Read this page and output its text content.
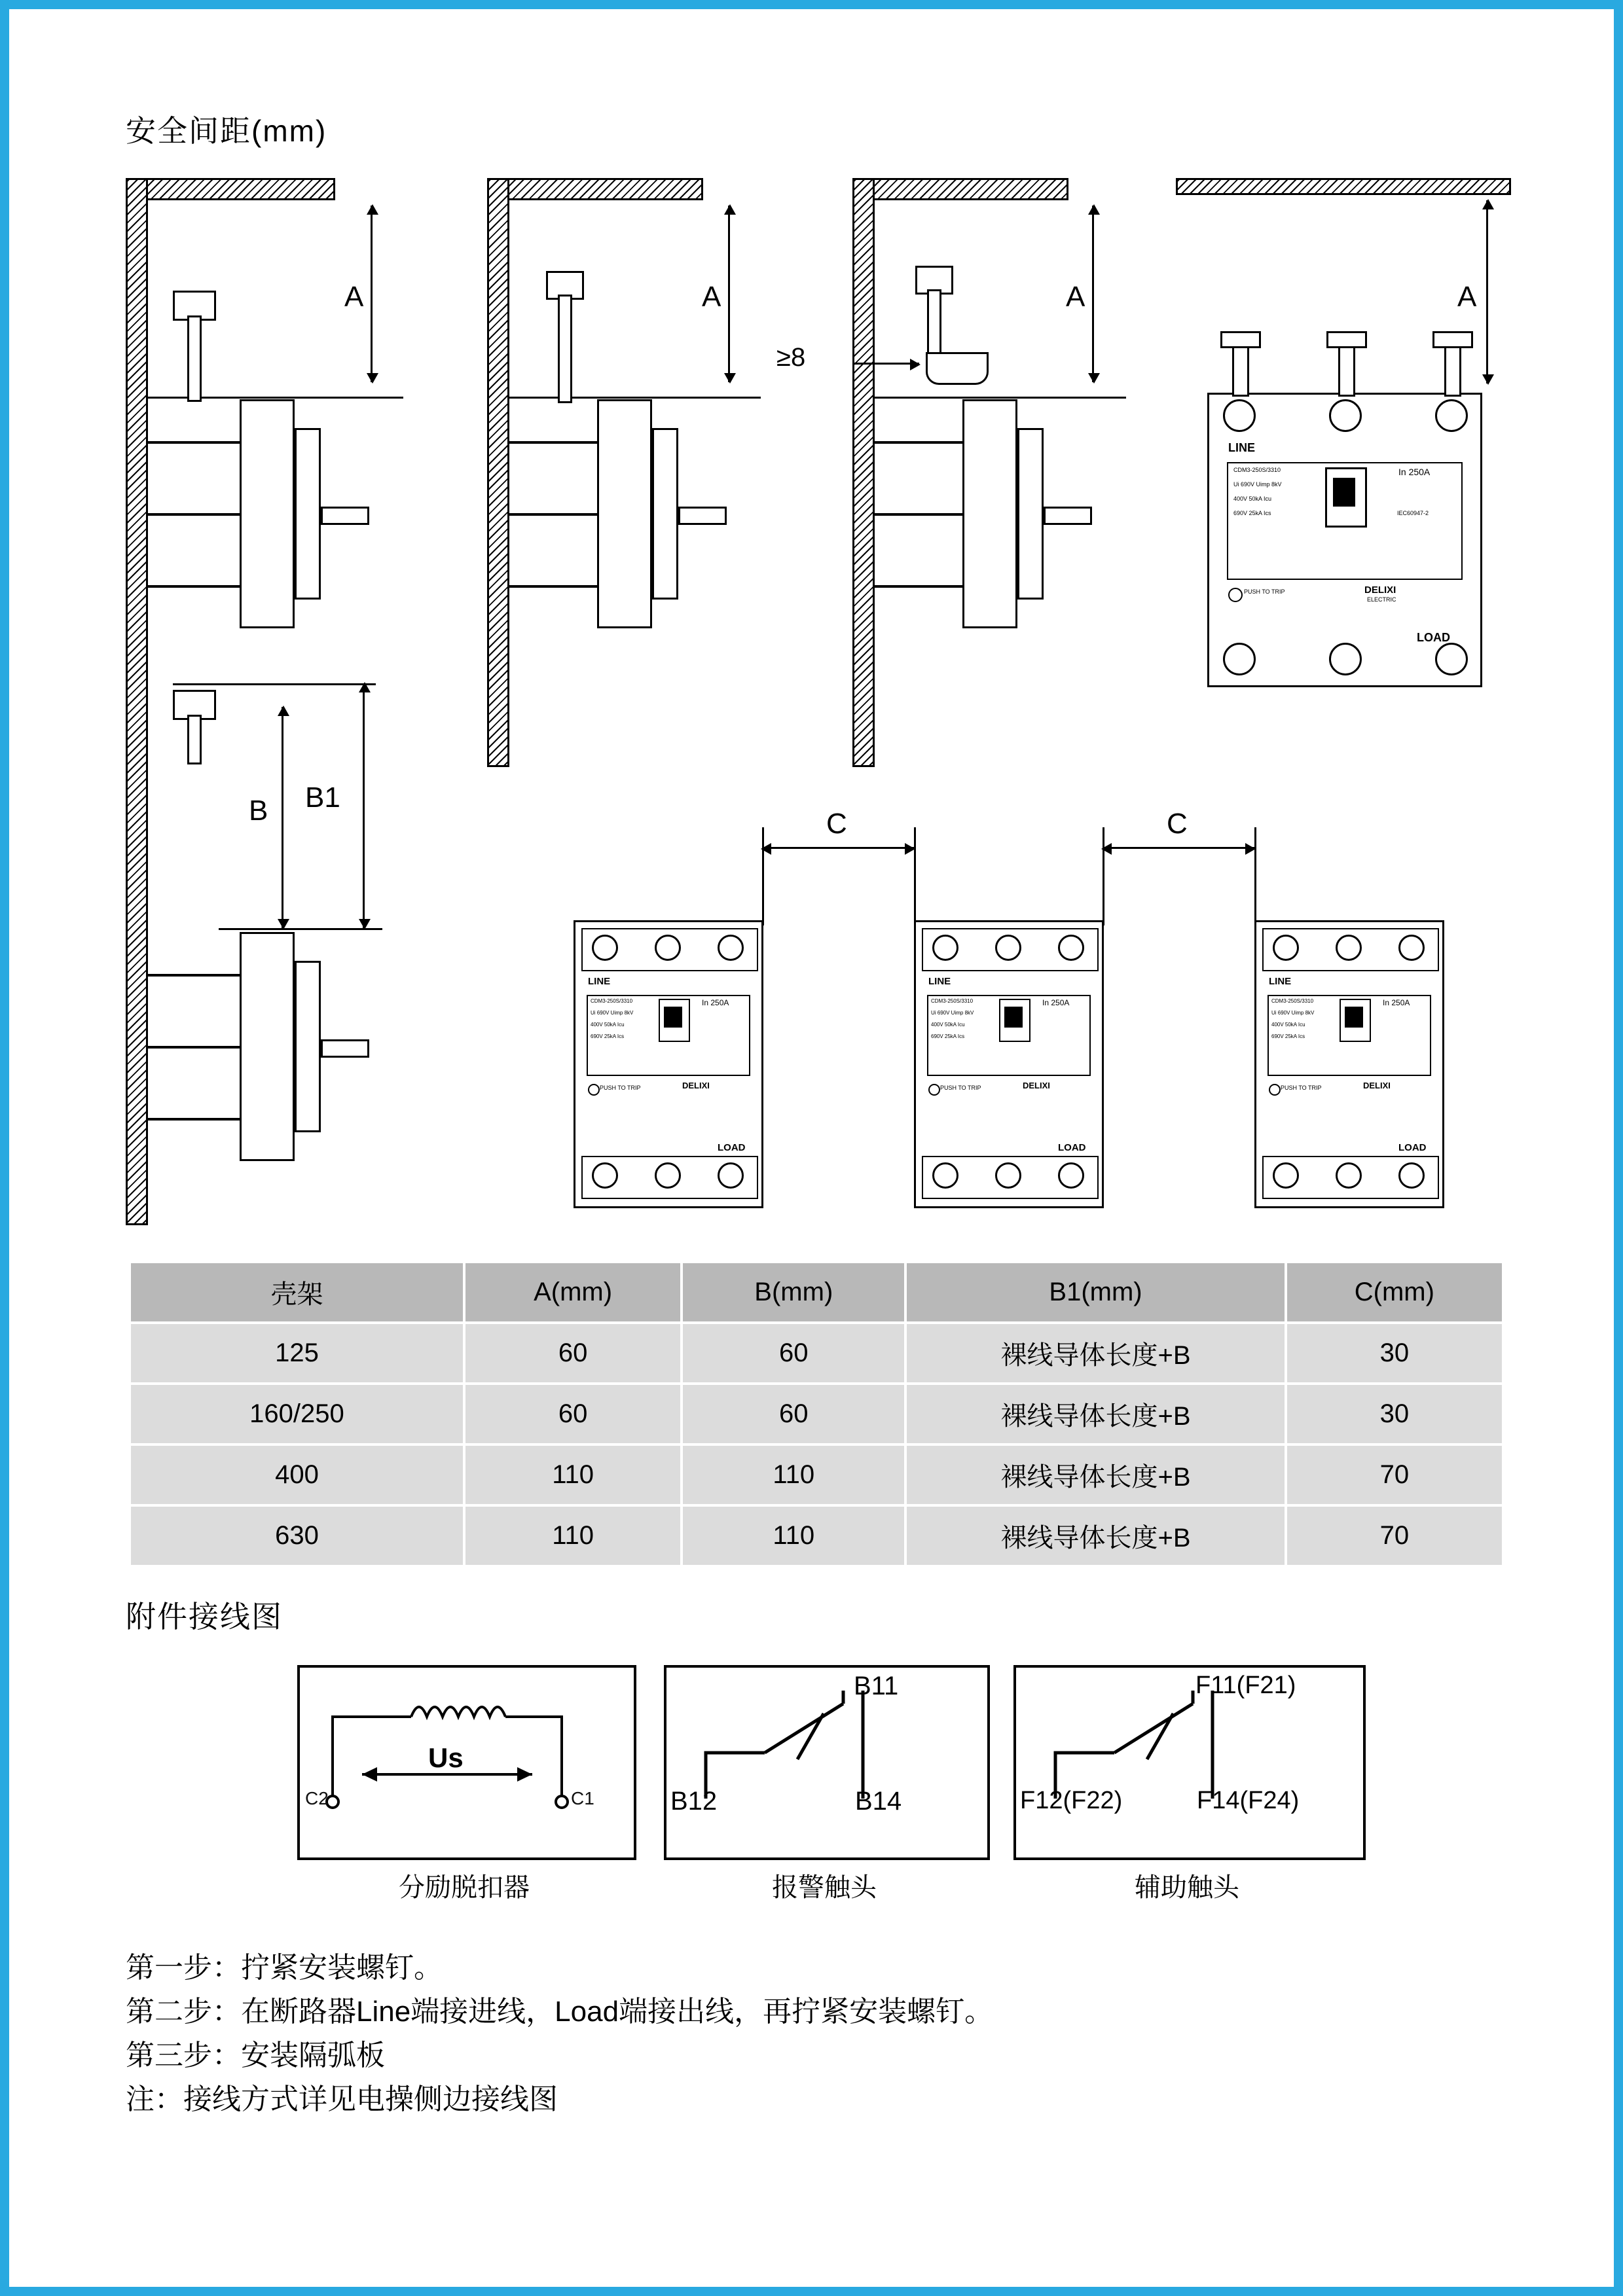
安全间距(mm)
A
B B1
A	A
≥8
A
LINE
LOAD
CDM3-250S/3310
Ui 690V Uimp 8kV
400V 50kA Icu
690V 25kA Ics
In 250A
IEC60947-2
PUSH TO TRIP	DELIXI
ELECTRIC
C	C
LINE
CDM3-250S/3310
Ui 690V Uimp 8kV
400V 50kA Icu
690V 25kA Ics
In 250A
PUSH TO TRIP	DELIXI
LOAD
LINE
CDM3-250S/3310
Ui 690V Uimp 8kV
400V 50kA Icu
690V 25kA Ics
In 250A
PUSH TO TRIP	DELIXI
LOAD
LINE
CDM3-250S/3310
Ui 690V Uimp 8kV
400V 50kA Icu
690V 25kA Ics
In 250A
PUSH TO TRIP	DELIXI
LOAD
壳架	A(mm)	B(mm)	B1(mm)	C(mm)
125	60	60	裸线导体长度+B	30
160/250	60	60	裸线导体长度+B	30
400	110	110	裸线导体长度+B	70
630	110	110	裸线导体长度+B	70
附件接线图
Us
C2	C1
分励脱扣器
B11
B12	B14
报警触头
F11(F21)
F12(F22)	F14(F24)
辅助触头
第一步：拧紧安装螺钉。
第二步：在断路器Line端接进线，Load端接出线，再拧紧安装螺钉。
第三步：安装隔弧板
注：接线方式详见电操侧边接线图
